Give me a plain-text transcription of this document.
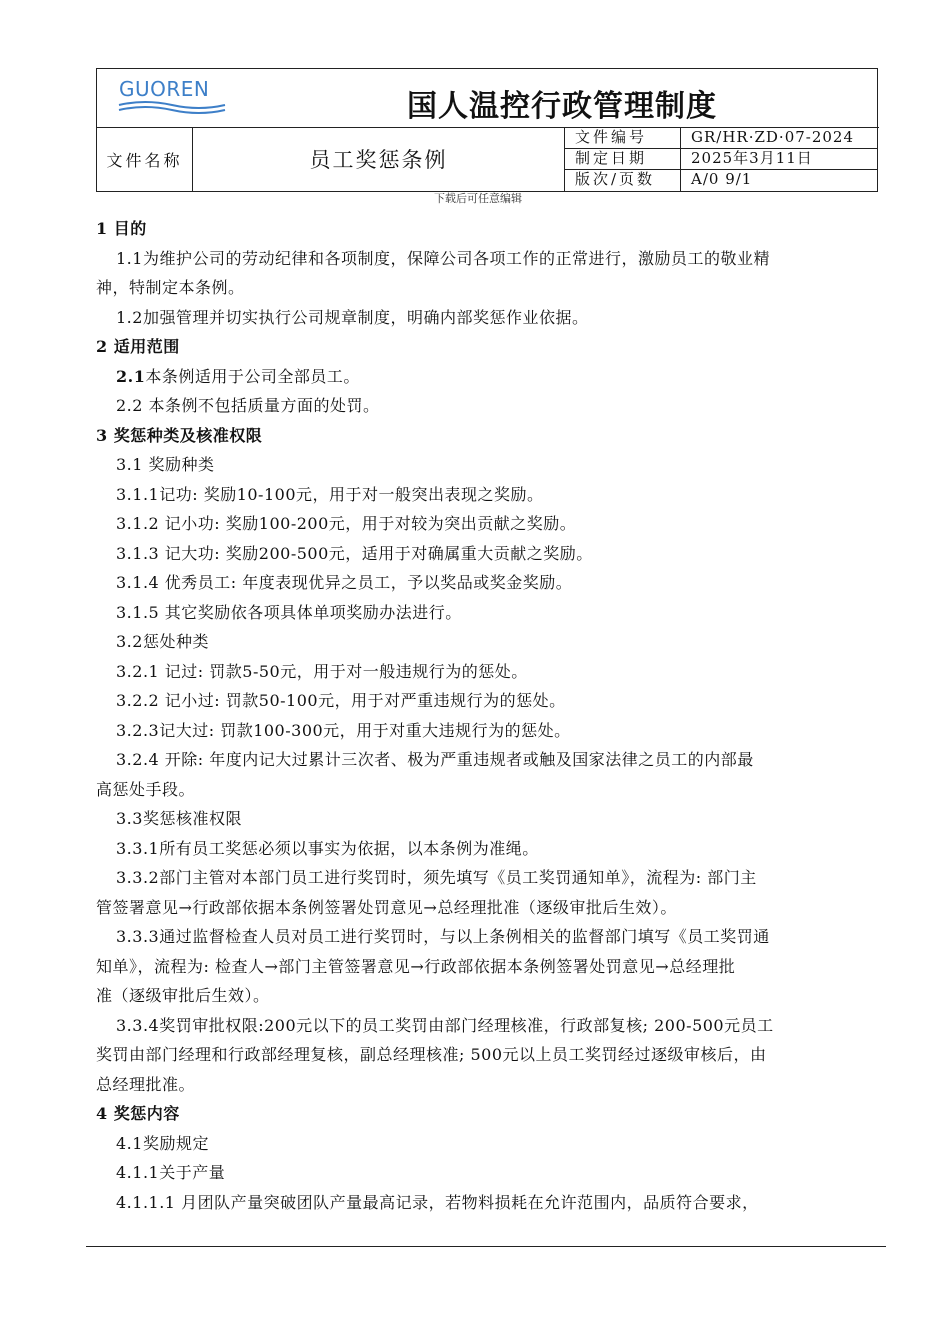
GUOREN	国人温控行政管理制度
文件名称	员工奖惩条例
文件编号	GR/HR·ZD·07-2024
制定日期	2025年3月11日
版次/页数	A/0 9/1
下载后可任意编辑
1 目的
1.1为维护公司的劳动纪律和各项制度，保障公司各项工作的正常进行，激励员工的敬业精
神，特制定本条例。
1.2加强管理并切实执行公司规章制度，明确内部奖惩作业依据。
2 适用范围
2.1本条例适用于公司全部员工。
2.2 本条例不包括质量方面的处罚。
3 奖惩种类及核准权限
3.1 奖励种类
3.1.1记功: 奖励10-100元，用于对一般突出表现之奖励。
3.1.2 记小功: 奖励100-200元，用于对较为突出贡献之奖励。
3.1.3 记大功: 奖励200-500元，适用于对确属重大贡献之奖励。
3.1.4 优秀员工: 年度表现优异之员工，予以奖品或奖金奖励。
3.1.5 其它奖励依各项具体单项奖励办法进行。
3.2惩处种类
3.2.1 记过: 罚款5-50元，用于对一般违规行为的惩处。
3.2.2 记小过: 罚款50-100元，用于对严重违规行为的惩处。
3.2.3记大过: 罚款100-300元，用于对重大违规行为的惩处。
3.2.4 开除: 年度内记大过累计三次者、极为严重违规者或触及国家法律之员工的内部最
高惩处手段。
3.3奖惩核准权限
3.3.1所有员工奖惩必须以事实为依据，以本条例为准绳。
3.3.2部门主管对本部门员工进行奖罚时，须先填写《员工奖罚通知单》，流程为: 部门主
管签署意见→行政部依据本条例签署处罚意见→总经理批准（逐级审批后生效）。
3.3.3通过监督检查人员对员工进行奖罚时，与以上条例相关的监督部门填写《员工奖罚通
知单》，流程为: 检查人→部门主管签署意见→行政部依据本条例签署处罚意见→总经理批
准（逐级审批后生效）。
3.3.4奖罚审批权限:200元以下的员工奖罚由部门经理核准，行政部复核; 200-500元员工
奖罚由部门经理和行政部经理复核，副总经理核准; 500元以上员工奖罚经过逐级审核后，由
总经理批准。
4 奖惩内容
4.1奖励规定
4.1.1关于产量
4.1.1.1 月团队产量突破团队产量最高记录，若物料损耗在允许范围内，品质符合要求，
